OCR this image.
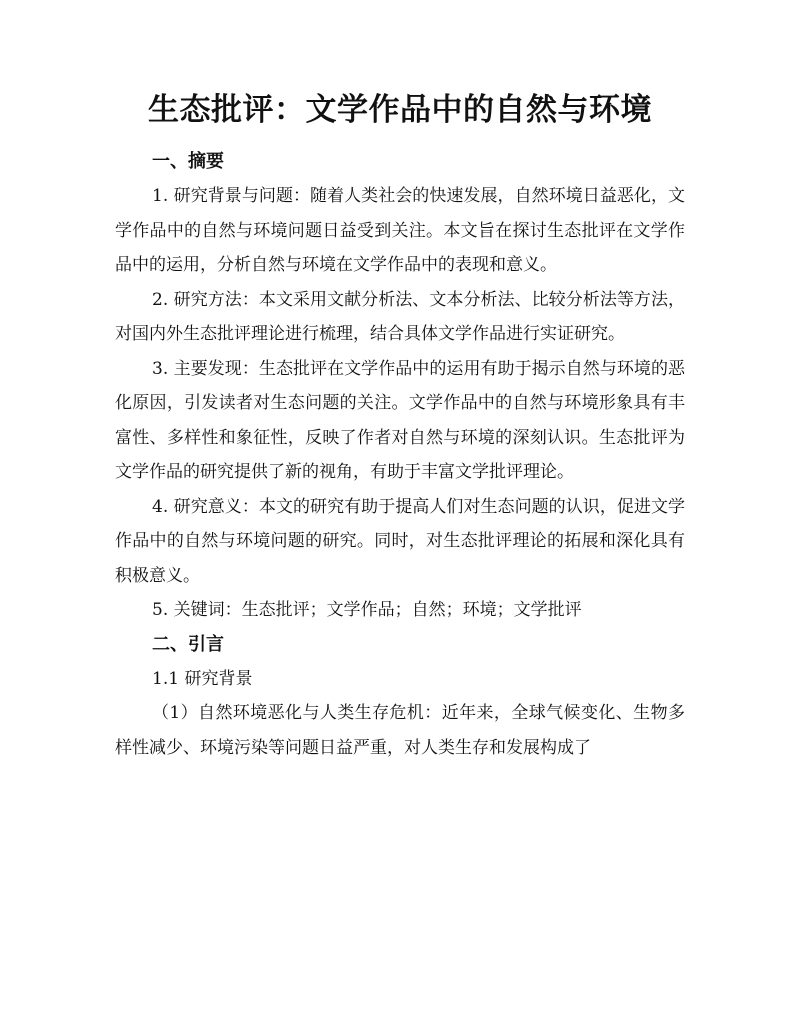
生态批评：文学作品中的自然与环境

一、摘要

1. 研究背景与问题：随着人类社会的快速发展，自然环境日益恶化，文学作品中的自然与环境问题日益受到关注。本文旨在探讨生态批评在文学作品中的运用，分析自然与环境在文学作品中的表现和意义。

2. 研究方法：本文采用文献分析法、文本分析法、比较分析法等方法，对国内外生态批评理论进行梳理，结合具体文学作品进行实证研究。

3. 主要发现：生态批评在文学作品中的运用有助于揭示自然与环境的恶化原因，引发读者对生态问题的关注。文学作品中的自然与环境形象具有丰富性、多样性和象征性，反映了作者对自然与环境的深刻认识。生态批评为文学作品的研究提供了新的视角，有助于丰富文学批评理论。

4. 研究意义：本文的研究有助于提高人们对生态问题的认识，促进文学作品中的自然与环境问题的研究。同时，对生态批评理论的拓展和深化具有积极意义。

5. 关键词：生态批评；文学作品；自然；环境；文学批评

二、引言

1.1 研究背景

（1）自然环境恶化与人类生存危机：近年来，全球气候变化、生物多样性减少、环境污染等问题日益严重，对人类生存和发展构成了
